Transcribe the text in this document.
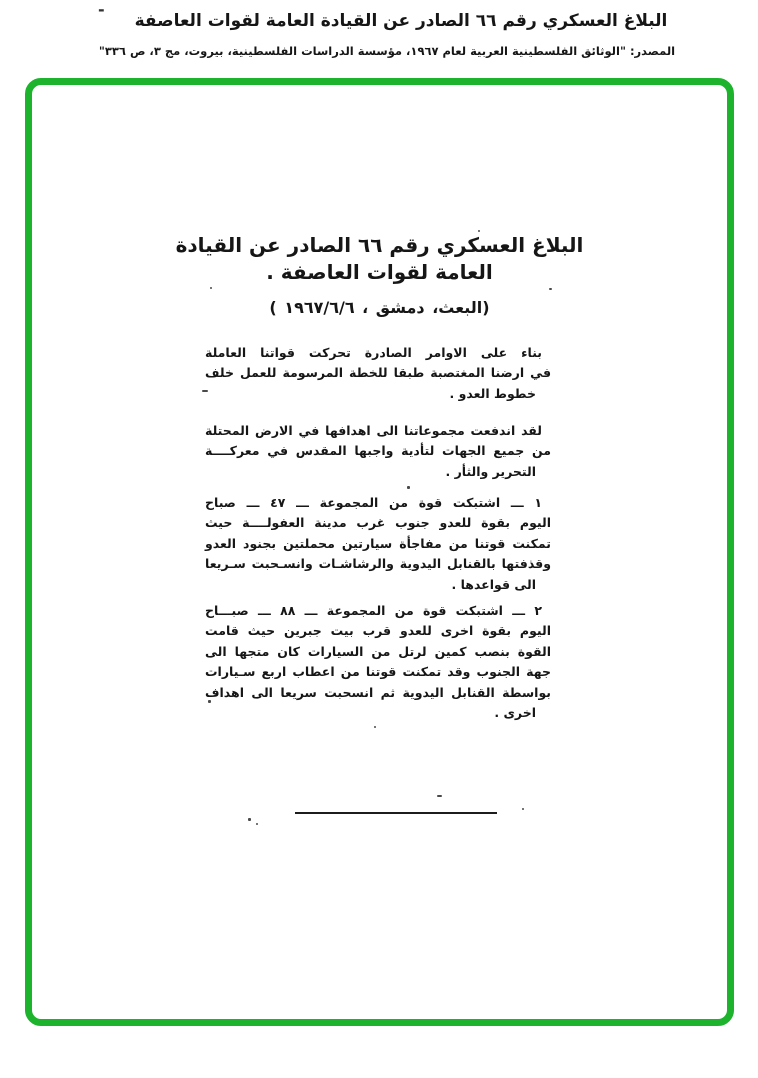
-
البلاغ العسكري رقم ٦٦ الصادر عن القيادة العامة لقوات العاصفة
المصدر: "الوثائق الفلسطينية العربية لعام ١٩٦٧، مؤسسة الدراسات الفلسطينية، بيروت، مج ٣، ص ٣٣٦"
البلاغ العسكري رقم ٦٦ الصادر عن القيادة
العامة لقوات العاصفة .
(البعث، دمشق ، ١٩٦٧/٦/٦ )
بناء على الاوامر الصادرة تحركت قواتنا العاملة
في ارضنا المغتصبة طبقا للخطة المرسومة للعمل خلف
خطوط العدو .
لقد اندفعت مجموعاتنا الى اهدافها في الارض المحتلة
من جميع الجهات لتأدية واجبها المقدس في معركــــة
التحرير والثأر .
١ ـــ اشتبكت قوة من المجموعة ـــ ٤٧ ـــ صباح
اليوم بقوة للعدو جنوب غرب مدينة العفولــــة حيث
تمكنت قوتنا من مفاجأة سيارتين محملتين بجنود العدو
وقذفتها بالقنابل اليدوية والرشاشـات وانسـحبت سـريعا
الى قواعدها .
٢ ـــ اشتبكت قوة من المجموعة ـــ ٨٨ ـــ صبـــاح
اليوم بقوة اخرى للعدو قرب بيت جبرين حيث قامت
القوة بنصب كمين لرتل من السيارات كان متجها الى
جهة الجنوب وقد تمكنت قوتنا من اعطاب اربع سـيارات
بواسطة القنابل اليدوية ثم انسحبت سريعا الى اهداف
اخرى .
